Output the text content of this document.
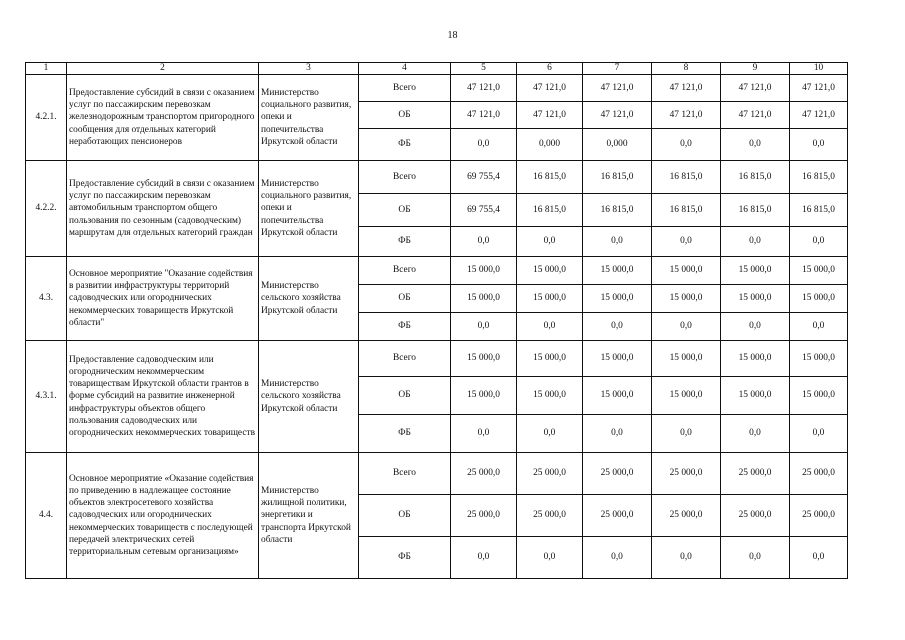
18
1	2	3	4	5	6	7	8	9	10
4.2.1.	Предоставление субсидий в связи с оказанием услуг по пассажирским перевозкам железнодорожным транспортом пригородного сообщения для отдельных категорий неработающих пенсионеров	Министерство социального развития, опеки и попечительства Иркутской области	Всего	47 121,0	47 121,0	47 121,0	47 121,0	47 121,0	47 121,0
			ОБ	47 121,0	47 121,0	47 121,0	47 121,0	47 121,0	47 121,0
			ФБ	0,0	0,000	0,000	0,0	0,0	0,0
4.2.2.	Предоставление субсидий в связи с оказанием услуг по пассажирским перевозкам автомобильным транспортом общего пользования по сезонным (садоводческим) маршрутам для отдельных категорий граждан	Министерство социального развития, опеки и попечительства Иркутской области	Всего	69 755,4	16 815,0	16 815,0	16 815,0	16 815,0	16 815,0
			ОБ	69 755,4	16 815,0	16 815,0	16 815,0	16 815,0	16 815,0
			ФБ	0,0	0,0	0,0	0,0	0,0	0,0
4.3.	Основное мероприятие "Оказание содействия в развитии инфраструктуры территорий садоводческих или огороднических некоммерческих товариществ Иркутской области"	Министерство сельского хозяйства Иркутской области	Всего	15 000,0	15 000,0	15 000,0	15 000,0	15 000,0	15 000,0
			ОБ	15 000,0	15 000,0	15 000,0	15 000,0	15 000,0	15 000,0
			ФБ	0,0	0,0	0,0	0,0	0,0	0,0
4.3.1.	Предоставление садоводческим или огородническим некоммерческим товариществам Иркутской области грантов в форме субсидий на развитие инженерной инфраструктуры объектов общего пользования садоводческих или огороднических некоммерческих товариществ	Министерство сельского хозяйства Иркутской области	Всего	15 000,0	15 000,0	15 000,0	15 000,0	15 000,0	15 000,0
			ОБ	15 000,0	15 000,0	15 000,0	15 000,0	15 000,0	15 000,0
			ФБ	0,0	0,0	0,0	0,0	0,0	0,0
4.4.	Основное мероприятие «Оказание содействия по приведению в надлежащее состояние объектов электросетевого хозяйства садоводческих или огороднических некоммерческих товариществ с последующей передачей электрических сетей территориальным сетевым организациям»	Министерство жилищной политики, энергетики и транспорта Иркутской области	Всего	25 000,0	25 000,0	25 000,0	25 000,0	25 000,0	25 000,0
			ОБ	25 000,0	25 000,0	25 000,0	25 000,0	25 000,0	25 000,0
			ФБ	0,0	0,0	0,0	0,0	0,0	0,0
